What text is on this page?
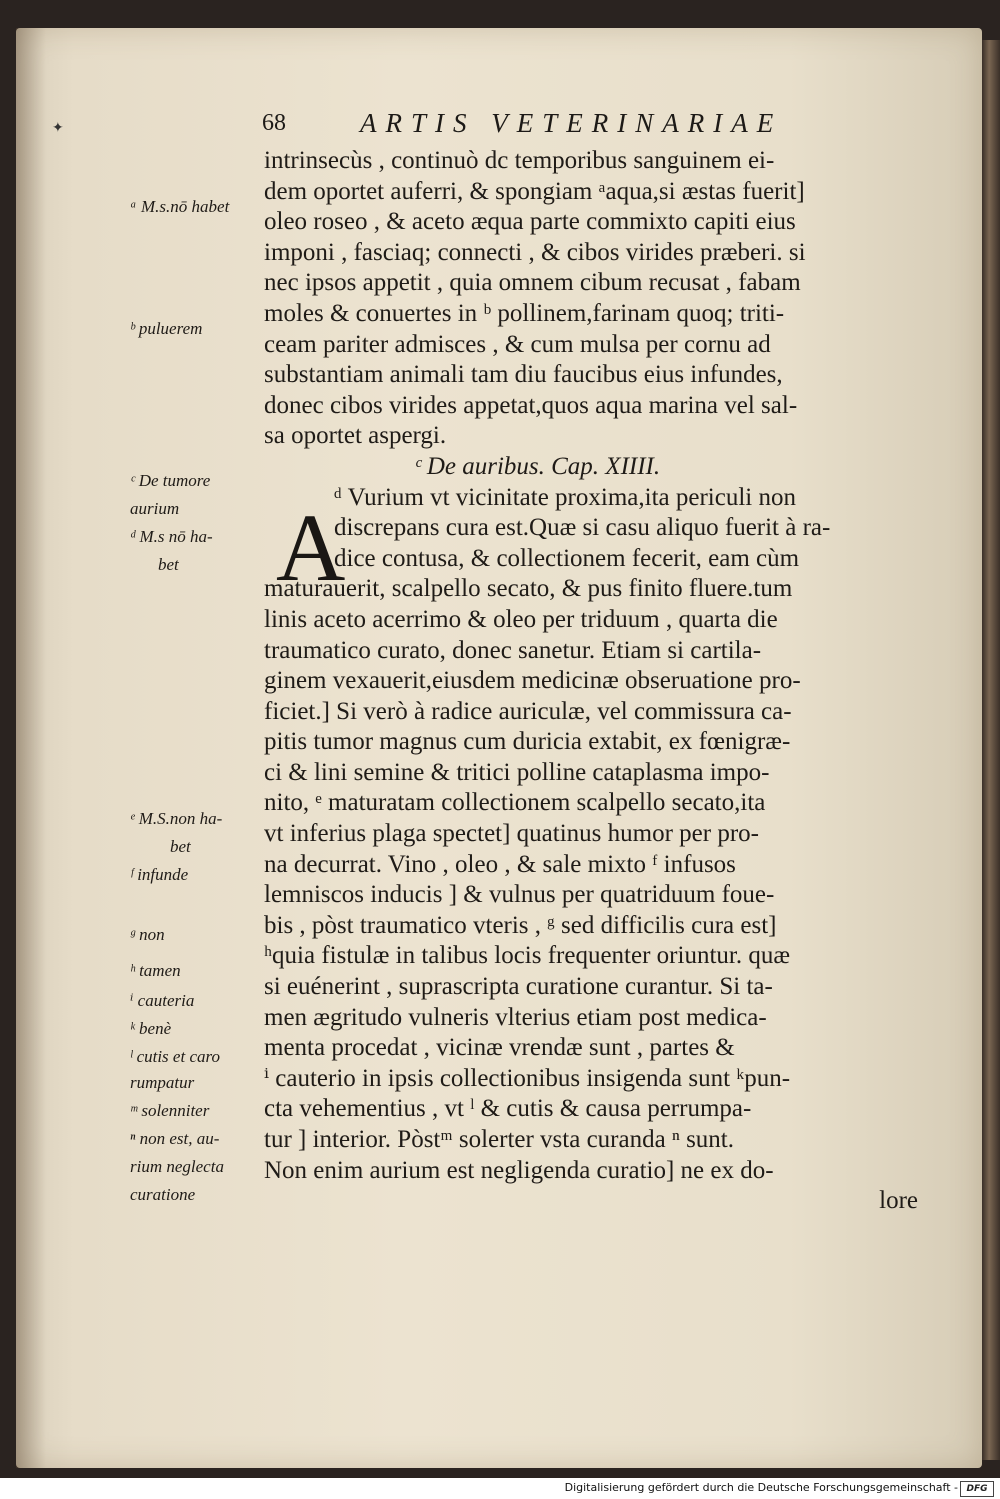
✦	68	ARTIS VETERINARIAE
ᵃ M.s.nō habet
ᵇ puluerem
ᶜ De tumore
aurium
ᵈ M.s nō ha-
bet
ᵉ M.S.non ha-
bet
ᶠ infunde
ᵍ non
ʰ tamen
ⁱ cauteria
ᵏ benè
ˡ cutis et caro
rumpatur
ᵐ solenniter
ⁿ non est, au-
rium neglecta
curatione
A
intrinsecùs , continuò dc temporibus sanguinem ei-
dem oportet auferri, & spongiam ᵃaqua,si æstas fuerit]
oleo roseo , & aceto æqua parte commixto capiti eius
imponi , fasciaq; connecti , & cibos virides præberi. si
nec ipsos appetit , quia omnem cibum recusat , fabam
moles & conuertes in ᵇ pollinem,farinam quoq; triti-
ceam pariter admisces , & cum mulsa per cornu ad
substantiam animali tam diu faucibus eius infundes,
donec cibos virides appetat,quos aqua marina vel sal-
sa oportet aspergi.
ᶜ De auribus. Cap. XIIII.
ᵈ Vurium vt vicinitate proxima,ita periculi non
discrepans cura est.Quæ si casu aliquo fuerit à ra-
dice contusa, & collectionem fecerit, eam cùm
maturauerit, scalpello secato, & pus finito fluere.tum
linis aceto acerrimo & oleo per triduum , quarta die
traumatico curato, donec sanetur. Etiam si cartila-
ginem vexauerit,eiusdem medicinæ obseruatione pro-
ficiet.] Si verò à radice auriculæ, vel commissura ca-
pitis tumor magnus cum duricia extabit, ex fœnigræ-
ci & lini semine & tritici polline cataplasma impo-
nito, ᵉ maturatam collectionem scalpello secato,ita
vt inferius plaga spectet] quatinus humor per pro-
na decurrat. Vino , oleo , & sale mixto ᶠ infusos
lemniscos inducis ] & vulnus per quatriduum foue-
bis , pòst traumatico vteris , ᵍ sed difficilis cura est]
ʰquia fistulæ in talibus locis frequenter oriuntur. quæ
si euénerint , suprascripta curatione curantur. Si ta-
men ægritudo vulneris vlterius etiam post medica-
menta procedat , vicinæ vrendæ sunt , partes &
ⁱ cauterio in ipsis collectionibus insigenda sunt ᵏpun-
cta vehementius , vt ˡ & cutis & causa perrumpa-
tur ] interior. Pòstᵐ solerter vsta curanda ⁿ sunt.
Non enim aurium est negligenda curatio] ne ex do-
lore
Digitalisierung gefördert durch die Deutsche Forschungsgemeinschaft - DFG
